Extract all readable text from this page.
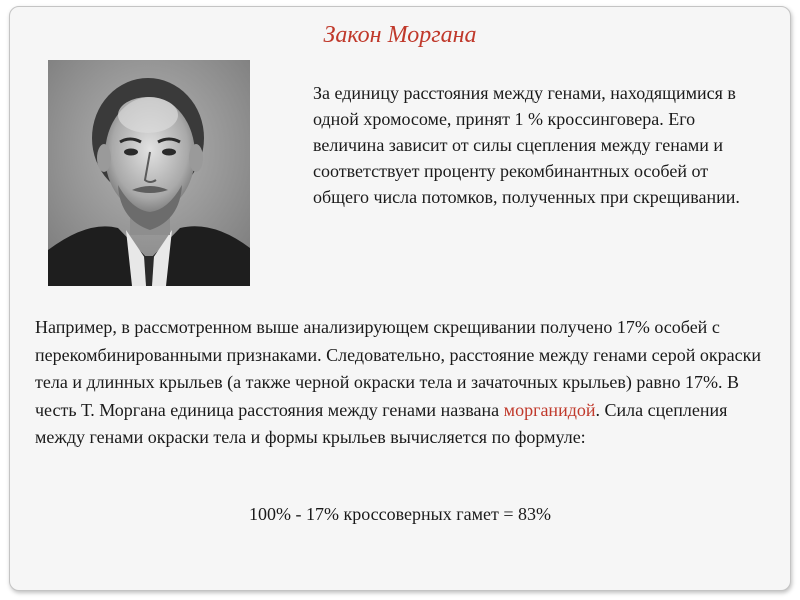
Закон Моргана

За единицу расстояния между генами, находящимися в одной хромосоме, принят 1 % кроссинговера. Его величина зависит от силы сцепления между генами и соответствует проценту рекомбинантных особей от общего числа потомков, полученных при скрещивании.

Например, в рассмотренном выше анализирующем скрещивании получено 17% особей с перекомбинированными признаками. Следовательно, расстояние между генами серой окраски тела и длинных крыльев (а также черной окраски тела и зачаточных крыльев) равно 17%. В честь Т. Моргана единица расстояния между генами названа морганидой. Сила сцепления между генами окраски тела и формы крыльев вычисляется по формуле:

100% - 17% кроссоверных гамет = 83%
